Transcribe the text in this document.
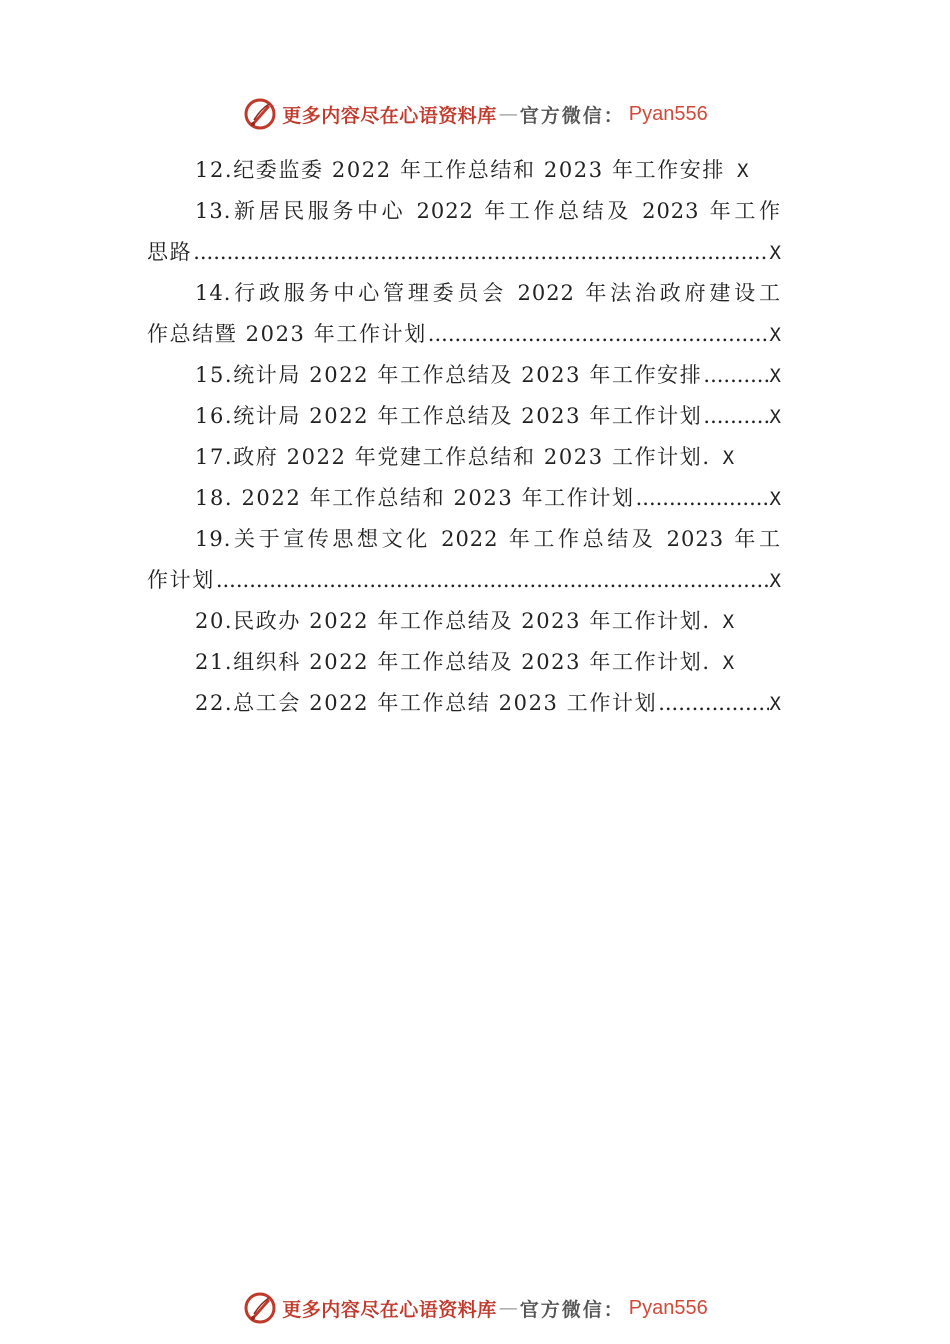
更多内容尽在心语资料库 — 官方微信： Pyan556
12.纪委监委 2022 年工作总结和 2023 年工作安排 X
13.新居民服务中心 2022 年工作总结及 2023 年工作
思路 .....	X
14.行政服务中心管理委员会 2022 年法治政府建设工
作总结暨 2023 年工作计划 .....	X
15.统计局 2022 年工作总结及 2023 年工作安排 .....	X
16.统计局 2022 年工作总结及 2023 年工作计划 .....	X
17.政府 2022 年党建工作总结和 2023 工作计划. X
18. 2022 年工作总结和 2023 年工作计划 .....	X
19.关于宣传思想文化 2022 年工作总结及 2023 年工
作计划 .....	X
20.民政办 2022 年工作总结及 2023 年工作计划. X
21.组织科 2022 年工作总结及 2023 年工作计划. X
22.总工会 2022 年工作总结 2023 工作计划 .....	X
更多内容尽在心语资料库 — 官方微信： Pyan556
